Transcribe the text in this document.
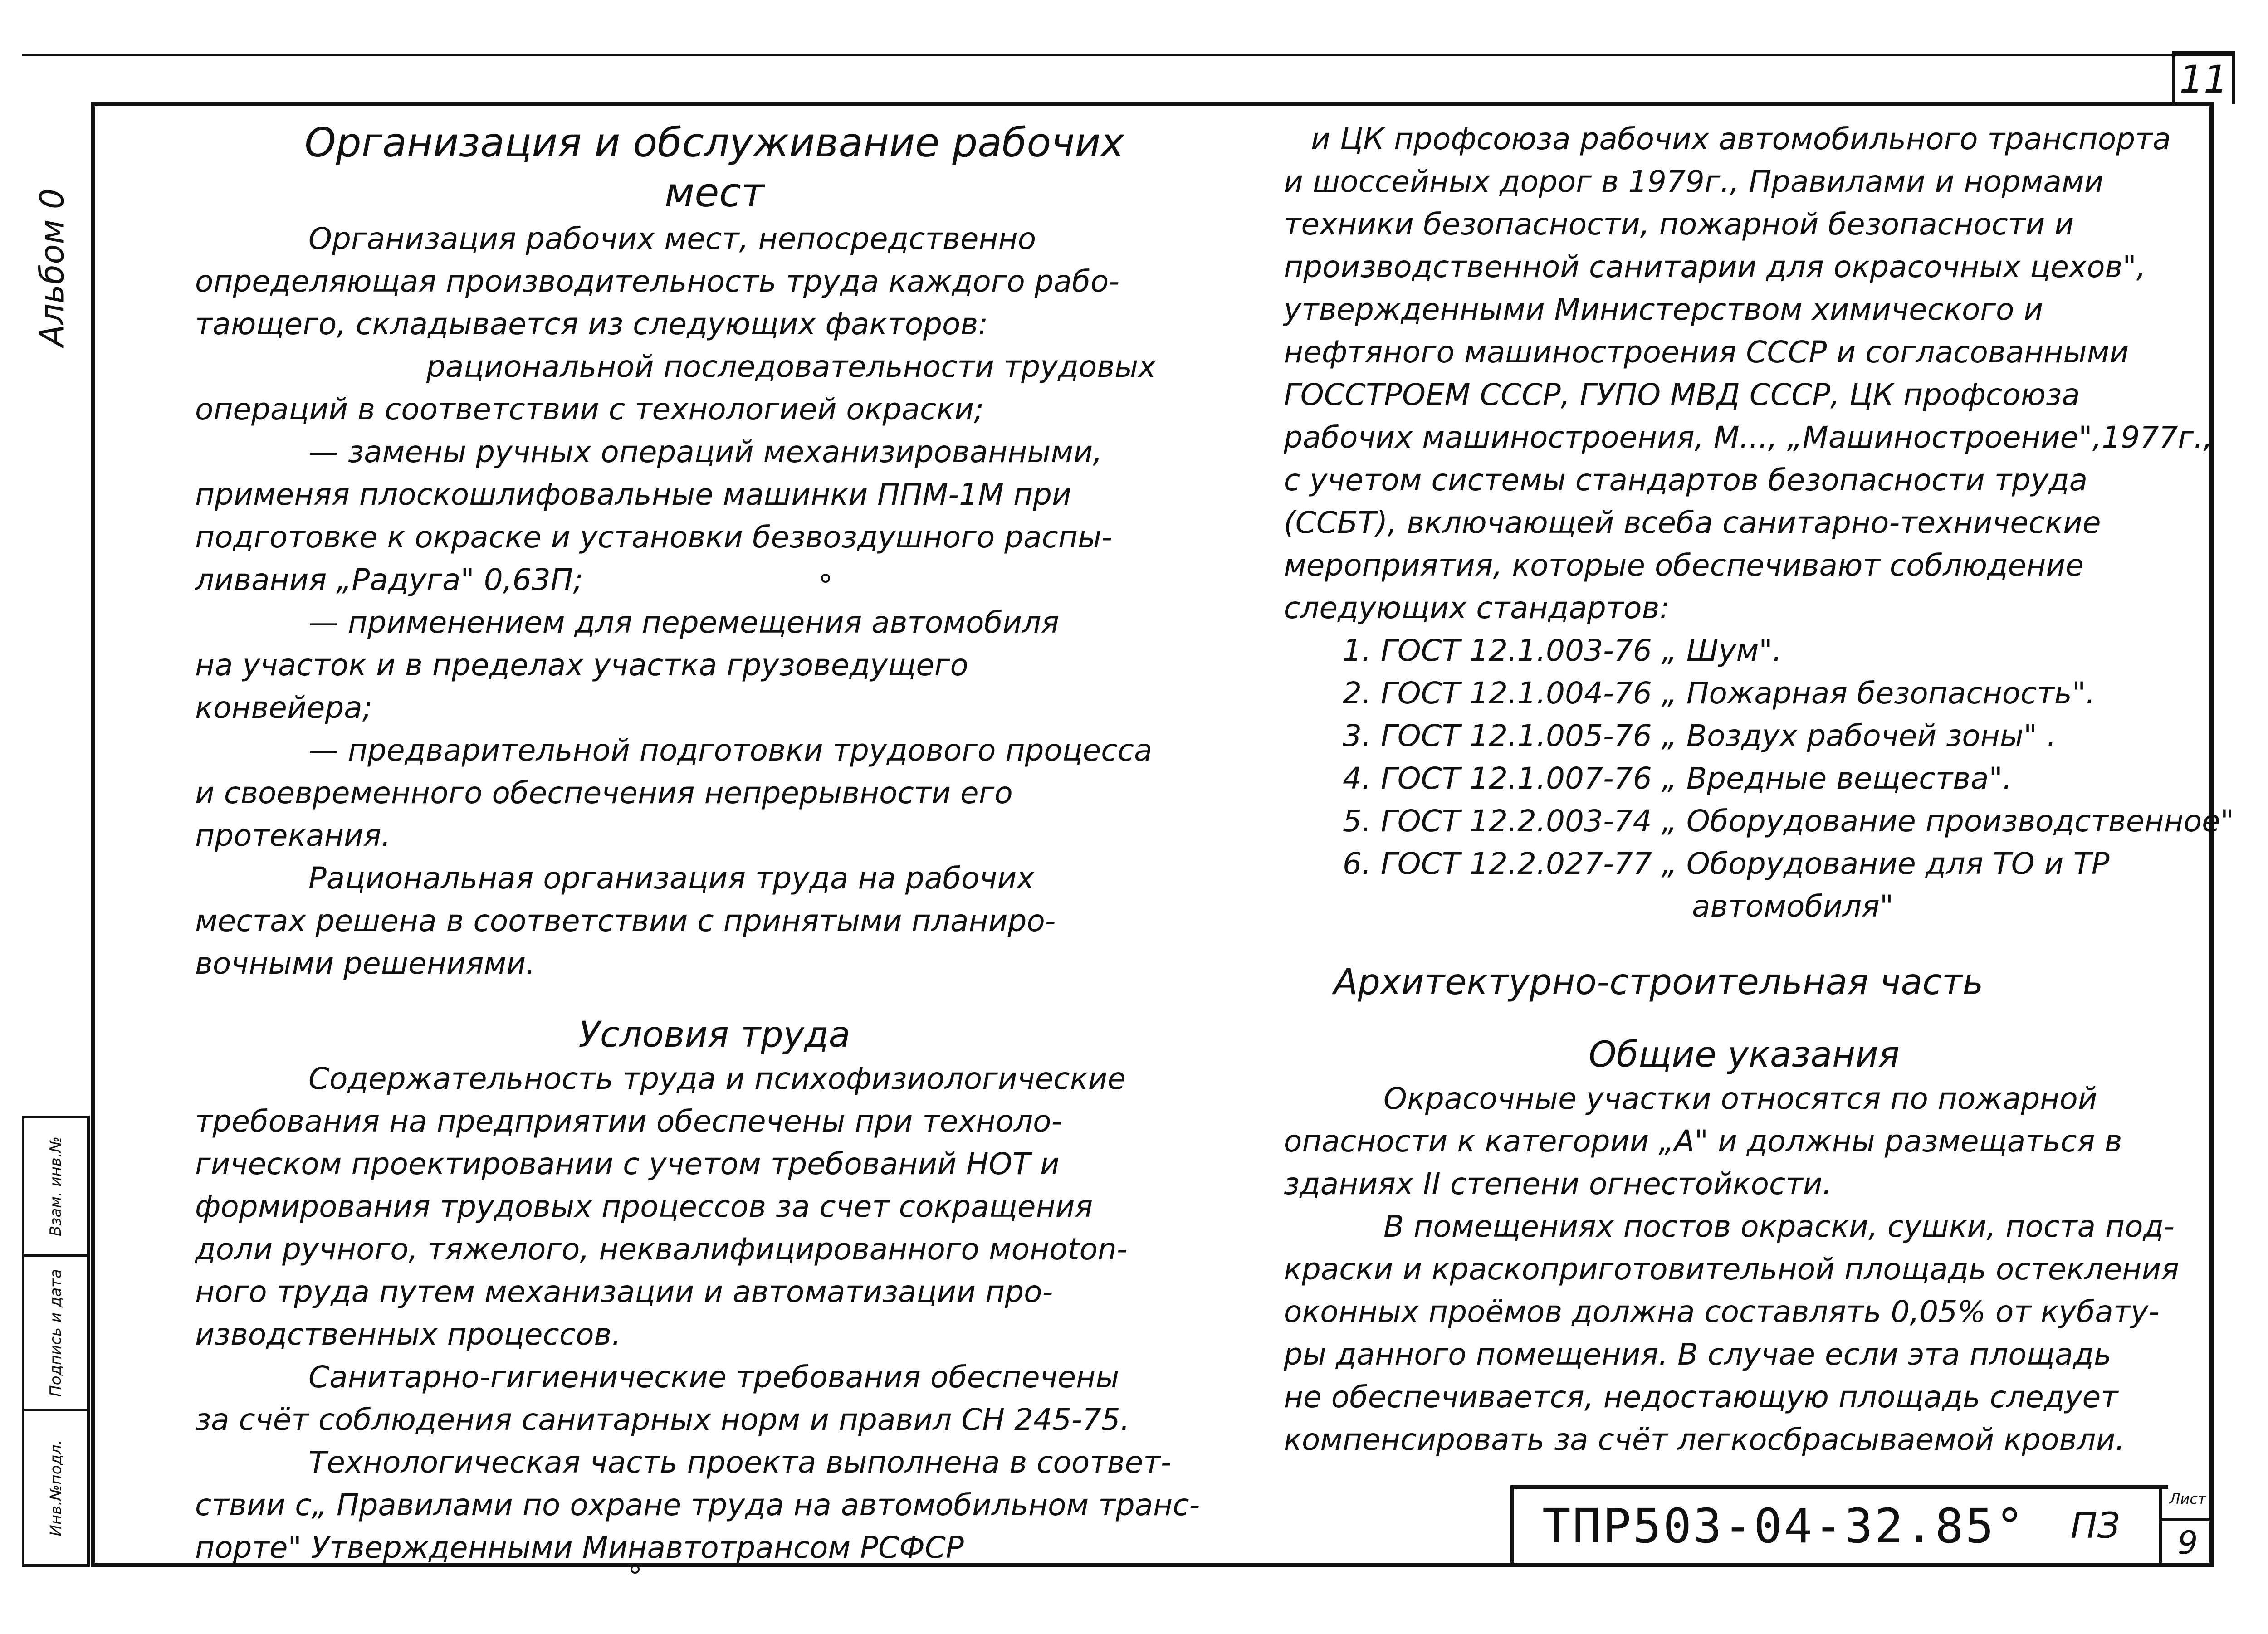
11
Альбом 0
Инв.№подл.
Подпись и дата
Взам. инв.№
Организация и обслуживание рабочих
мест
Организация рабочих мест, непосредственно
определяющая производительность труда каждого рабо-
тающего, складывается из следующих факторов:
рациональной последовательности трудовых
операций в соответствии с технологией окраски;
— замены ручных операций механизированными,
применяя плоскошлифовальные машинки ППМ-1М при
подготовке к окраске и установки безвоздушного распы-
ливания „Радуга" 0,63П;
— применением для перемещения автомобиля
на участок и в пределах участка грузоведущего
конвейера;
— предварительной подготовки трудового процесса
и своевременного обеспечения непрерывности его
протекания.
Рациональная организация труда на рабочих
местах решена в соответствии с принятыми планиро-
вочными решениями.
Условия труда
Содержательность труда и психофизиологические
требования на предприятии обеспечены при техноло-
гическом проектировании с учетом требований НОТ и
формирования трудовых процессов за счет сокращения
доли ручного, тяжелого, неквалифицированного моноton-
ного труда путем механизации и автоматизации про-
изводственных процессов.
Санитарно-гигиенические требования обеспечены
за счёт соблюдения санитарных норм и правил СН 245-75.
Технологическая часть проекта выполнена в соответ-
ствии с„ Правилами по охране труда на автомобильном транс-
порте" Утвержденными Минавтотрансом РСФСР
и ЦК профсоюза рабочих автомобильного транспорта
и шоссейных дорог в 1979г., Правилами и нормами
техники безопасности, пожарной безопасности и
производственной санитарии для окрасочных цехов",
утвержденными Министерством химического и
нефтяного машиностроения СССР и согласованными
ГОССТРОЕМ СССР, ГУПО МВД СССР, ЦК профсоюза
рабочих машиностроения, М..., „Машиностроение",1977г.,
с учетом системы стандартов безопасности труда
(ССБТ), включающей всеба санитарно-технические
мероприятия, которые обеспечивают соблюдение
следующих стандартов:
1. ГОСТ 12.1.003-76 „ Шум".
2. ГОСТ 12.1.004-76 „ Пожарная безопасность".
3. ГОСТ 12.1.005-76 „ Воздух рабочей зоны" .
4. ГОСТ 12.1.007-76 „ Вредные вещества".
5. ГОСТ 12.2.003-74 „ Оборудование производственное"
6. ГОСТ 12.2.027-77 „ Оборудование для ТО и ТР
автомобиля"
Архитектурно-строительная часть
Общие указания
Окрасочные участки относятся по пожарной
опасности к категории „А" и должны размещаться в
зданиях II степени огнестойкости.
В помещениях постов окраски, сушки, поста под-
краски и краскоприготовительной площадь остекления
оконных проёмов должна составлять 0,05% от кубату-
ры данного помещения. В случае если эта площадь
не обеспечивается, недостающую площадь следует
компенсировать за счёт легкосбрасываемой кровли.
ТПР503-04-32.85° ПЗ
Лист
9
